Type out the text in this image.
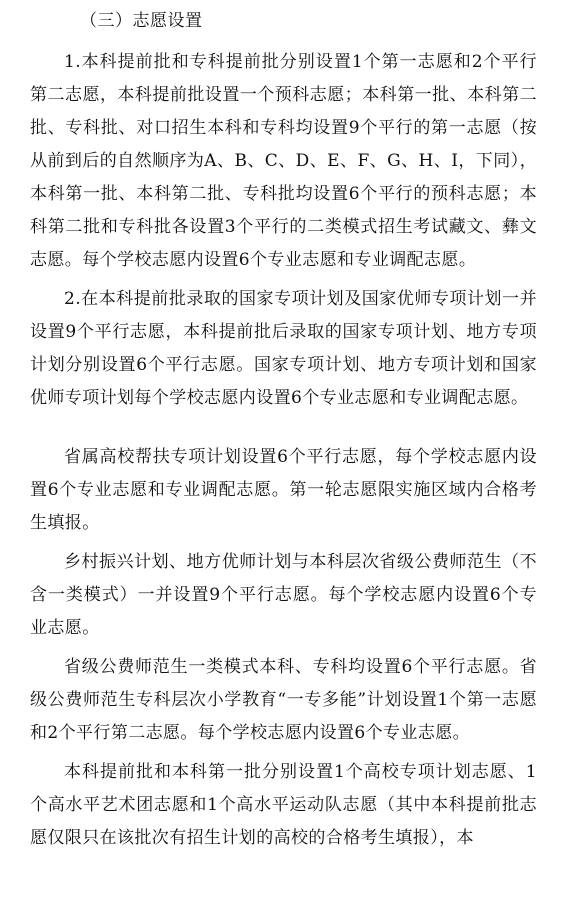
（三）志愿设置

1.本科提前批和专科提前批分别设置1个第一志愿和2个平行第二志愿，本科提前批设置一个预科志愿；本科第一批、本科第二批、专科批、对口招生本科和专科均设置9个平行的第一志愿（按从前到后的自然顺序为A、B、C、D、E、F、G、H、I，下同），本科第一批、本科第二批、专科批均设置6个平行的预科志愿；本科第二批和专科批各设置3个平行的二类模式招生考试藏文、彝文志愿。每个学校志愿内设置6个专业志愿和专业调配志愿。

2.在本科提前批录取的国家专项计划及国家优师专项计划一并设置9个平行志愿，本科提前批后录取的国家专项计划、地方专项计划分别设置6个平行志愿。国家专项计划、地方专项计划和国家优师专项计划每个学校志愿内设置6个专业志愿和专业调配志愿。

省属高校帮扶专项计划设置6个平行志愿，每个学校志愿内设置6个专业志愿和专业调配志愿。第一轮志愿限实施区域内合格考生填报。

乡村振兴计划、地方优师计划与本科层次省级公费师范生（不含一类模式）一并设置9个平行志愿。每个学校志愿内设置6个专业志愿。

省级公费师范生一类模式本科、专科均设置6个平行志愿。省级公费师范生专科层次小学教育“一专多能”计划设置1个第一志愿和2个平行第二志愿。每个学校志愿内设置6个专业志愿。

本科提前批和本科第一批分别设置1个高校专项计划志愿、1个高水平艺术团志愿和1个高水平运动队志愿（其中本科提前批志愿仅限只在该批次有招生计划的高校的合格考生填报），本
